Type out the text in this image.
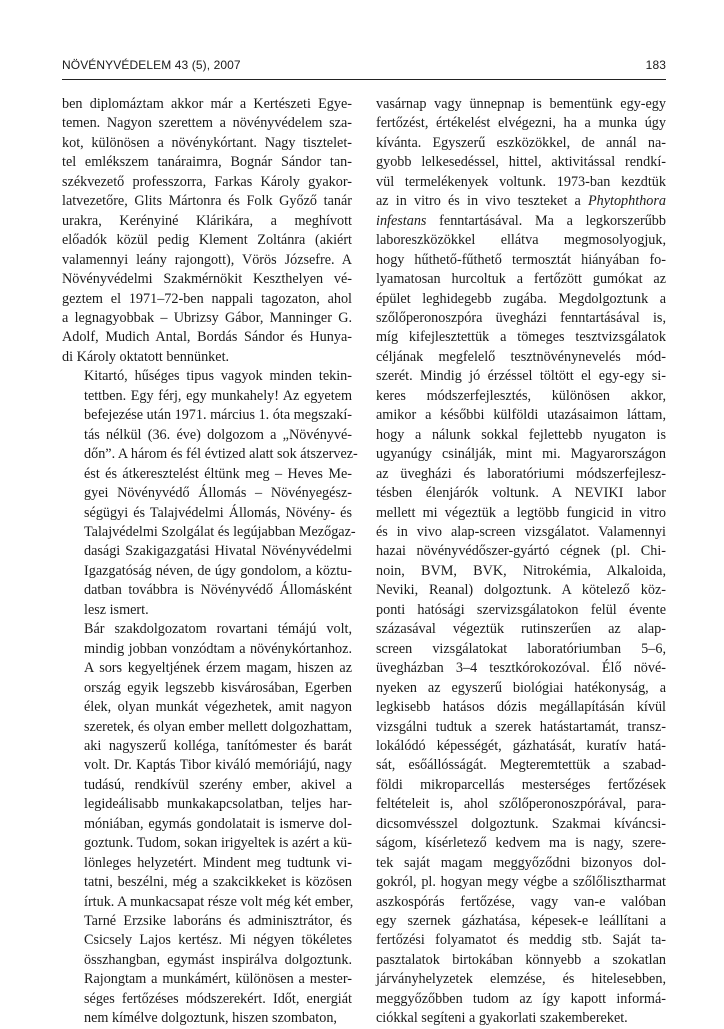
NÖVÉNYVÉDELEM 43 (5), 2007	183

ben diplomáztam akkor már a Kertészeti Egye-
temen. Nagyon szerettem a növényvédelem sza-
kot, különösen a növénykórtant. Nagy tisztelet-
tel emlékszem tanáraimra, Bognár Sándor tan-
székvezető professzorra, Farkas Károly gyakor-
latvezetőre, Glits Mártonra és Folk Győző tanár
urakra, Kerényiné Klárikára, a meghívott
előadók közül pedig Klement Zoltánra (akiért
valamennyi leány rajongott), Vörös Józsefre. A
Növényvédelmi Szakmérnökit Keszthelyen vé-
geztem el 1971–72-ben nappali tagozaton, ahol
a legnagyobbak – Ubrizsy Gábor, Manninger G.
Adolf, Mudich Antal, Bordás Sándor és Hunya-
di Károly oktatott bennünket.

Kitartó, hűséges tipus vagyok minden tekin-
tettben. Egy férj, egy munkahely! Az egyetem
befejezése után 1971. március 1. óta megszakí-
tás nélkül (36. éve) dolgozom a „Növényvé-
dőn”. A három és fél évtized alatt sok átszervez-
ést és átkeresztelést éltünk meg – Heves Me-
gyei Növényvédő Állomás – Növényegész-
ségügyi és Talajvédelmi Állomás, Növény- és
Talajvédelmi Szolgálat és legújabban Mezőgaz-
dasági Szakigazgatási Hivatal Növényvédelmi
Igazgatóság néven, de úgy gondolom, a köztu-
datban továbbra is Növényvédő Állomásként
lesz ismert.

Bár szakdolgozatom rovartani témájú volt,
mindig jobban vonzódtam a növénykórtanhoz.
A sors kegyeltjének érzem magam, hiszen az
ország egyik legszebb kisvárosában, Egerben
élek, olyan munkát végezhetek, amit nagyon
szeretek, és olyan ember mellett dolgozhattam,
aki nagyszerű kolléga, tanítómester és barát
volt. Dr. Kaptás Tibor kiváló memóriájú, nagy
tudású, rendkívül szerény ember, akivel a
legideálisabb munkakapcsolatban, teljes har-
móniában, egymás gondolatait is ismerve dol-
goztunk. Tudom, sokan irigyeltek is azért a kü-
lönleges helyzetért. Mindent meg tudtunk vi-
tatni, beszélni, még a szakcikkeket is közösen
írtuk. A munkacsapat része volt még két ember,
Tarné Erzsike laboráns és adminisztrátor, és
Csicsely Lajos kertész. Mi négyen tökéletes
összhangban, egymást inspirálva dolgoztunk.
Rajongtam a munkámért, különösen a mester-
séges fertőzéses módszerekért. Időt, energiát
nem kímélve dolgoztunk, hiszen szombaton,

vasárnap vagy ünnepnap is bementünk egy-egy
fertőzést, értékelést elvégezni, ha a munka úgy
kívánta. Egyszerű eszközökkel, de annál na-
gyobb lelkesedéssel, hittel, aktivitással rendkí-
vül termelékenyek voltunk. 1973-ban kezdtük
az in vitro és in vivo teszteket a Phytophthora
infestans fenntartásával. Ma a legkorszerűbb
laboreszközökkel ellátva megmosolyogjuk,
hogy hűthető-fűthető termosztát hiányában fo-
lyamatosan hurcoltuk a fertőzött gumókat az
épület leghidegebb zugába. Megdolgoztunk a
szőlőperonoszpóra üvegházi fenntartásával is,
míg kifejlesztettük a tömeges tesztvizsgálatok
céljának megfelelő tesztnövénynevelés mód-
szerét. Mindig jó érzéssel töltött el egy-egy si-
keres módszerfejlesztés, különösen akkor,
amikor a későbbi külföldi utazásaimon láttam,
hogy a nálunk sokkal fejlettebb nyugaton is
ugyanúgy csinálják, mint mi. Magyarországon
az üvegházi és laboratóriumi módszerfejlesz-
tésben élenjárók voltunk. A NEVIKI labor
mellett mi végeztük a legtöbb fungicid in vitro
és in vivo alap-screen vizsgálatot. Valamennyi
hazai növényvédőszer-gyártó cégnek (pl. Chi-
noin, BVM, BVK, Nitrokémia, Alkaloida,
Neviki, Reanal) dolgoztunk. A kötelező köz-
ponti hatósági szervizsgálatokon felül évente
százasával végeztük rutinszerűen az alap-
screen vizsgálatokat laboratóriumban 5–6,
üvegházban 3–4 tesztkórokozóval. Élő növé-
nyeken az egyszerű biológiai hatékonyság, a
legkisebb hatásos dózis megállapításán kívül
vizsgálni tudtuk a szerek hatástartamát, transz-
lokálódó képességét, gázhatását, kuratív hatá-
sát, esőállósságát. Megteremtettük a szabad-
földi mikroparcellás mesterséges fertőzések
feltételeit is, ahol szőlőperonoszpórával, para-
dicsomvésszel dolgoztunk. Szakmai kíváncsi-
ságom, kísérletező kedvem ma is nagy, szere-
tek saját magam meggyőződni bizonyos dol-
gokról, pl. hogyan megy végbe a szőlőlisztharmat
aszkospórás fertőzése, vagy van-e valóban
egy szernek gázhatása, képesek-e leállítani a
fertőzési folyamatot és meddig stb. Saját ta-
pasztalatok birtokában könnyebb a szokatlan
járványhelyzetek elemzése, és hitelesebben,
meggyőzőbben tudom az így kapott informá-
ciókkal segíteni a gyakorlati szakembereket.
